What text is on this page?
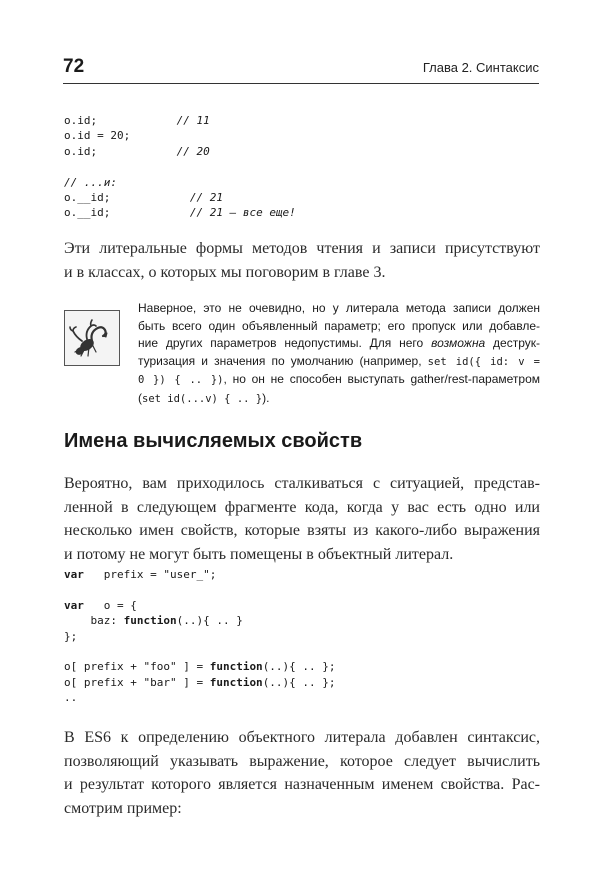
72	Глава 2. Синтаксис
o.id;	// 11
o.id = 20;
o.id;	// 20
// ...и:
o.__id;	// 21
o.__id;	// 21 — все еще!
Эти литеральные формы методов чтения и записи присутствуют
и в классах, о которых мы поговорим в главе 3.
Наверное, это не очевидно, но у литерала метода записи должен
быть всего один объявленный параметр; его пропуск или добавле-
ние других параметров недопустимы. Для него возможна деструк-
туризация и значения по умолчанию (например, set id({ id: v =
0 }) { .. }), но он не способен выступать gather/rest-параметром
(set id(...v) { .. }).
Имена вычисляемых свойств
Вероятно, вам приходилось сталкиваться с ситуацией, представ-
ленной в следующем фрагменте кода, когда у вас есть одно или
несколько имен свойств, которые взяты из какого-либо выражения
и потому не могут быть помещены в объектный литерал.
var   prefix = "user_";
var   o = {
baz: function(..){ .. }
};
o[ prefix + "foo" ] = function(..){ .. };
o[ prefix + "bar" ] = function(..){ .. };
..
В ES6 к определению объектного литерала добавлен синтаксис,
позволяющий указывать выражение, которое следует вычислить
и результат которого является назначенным именем свойства. Рас-
смотрим пример:
